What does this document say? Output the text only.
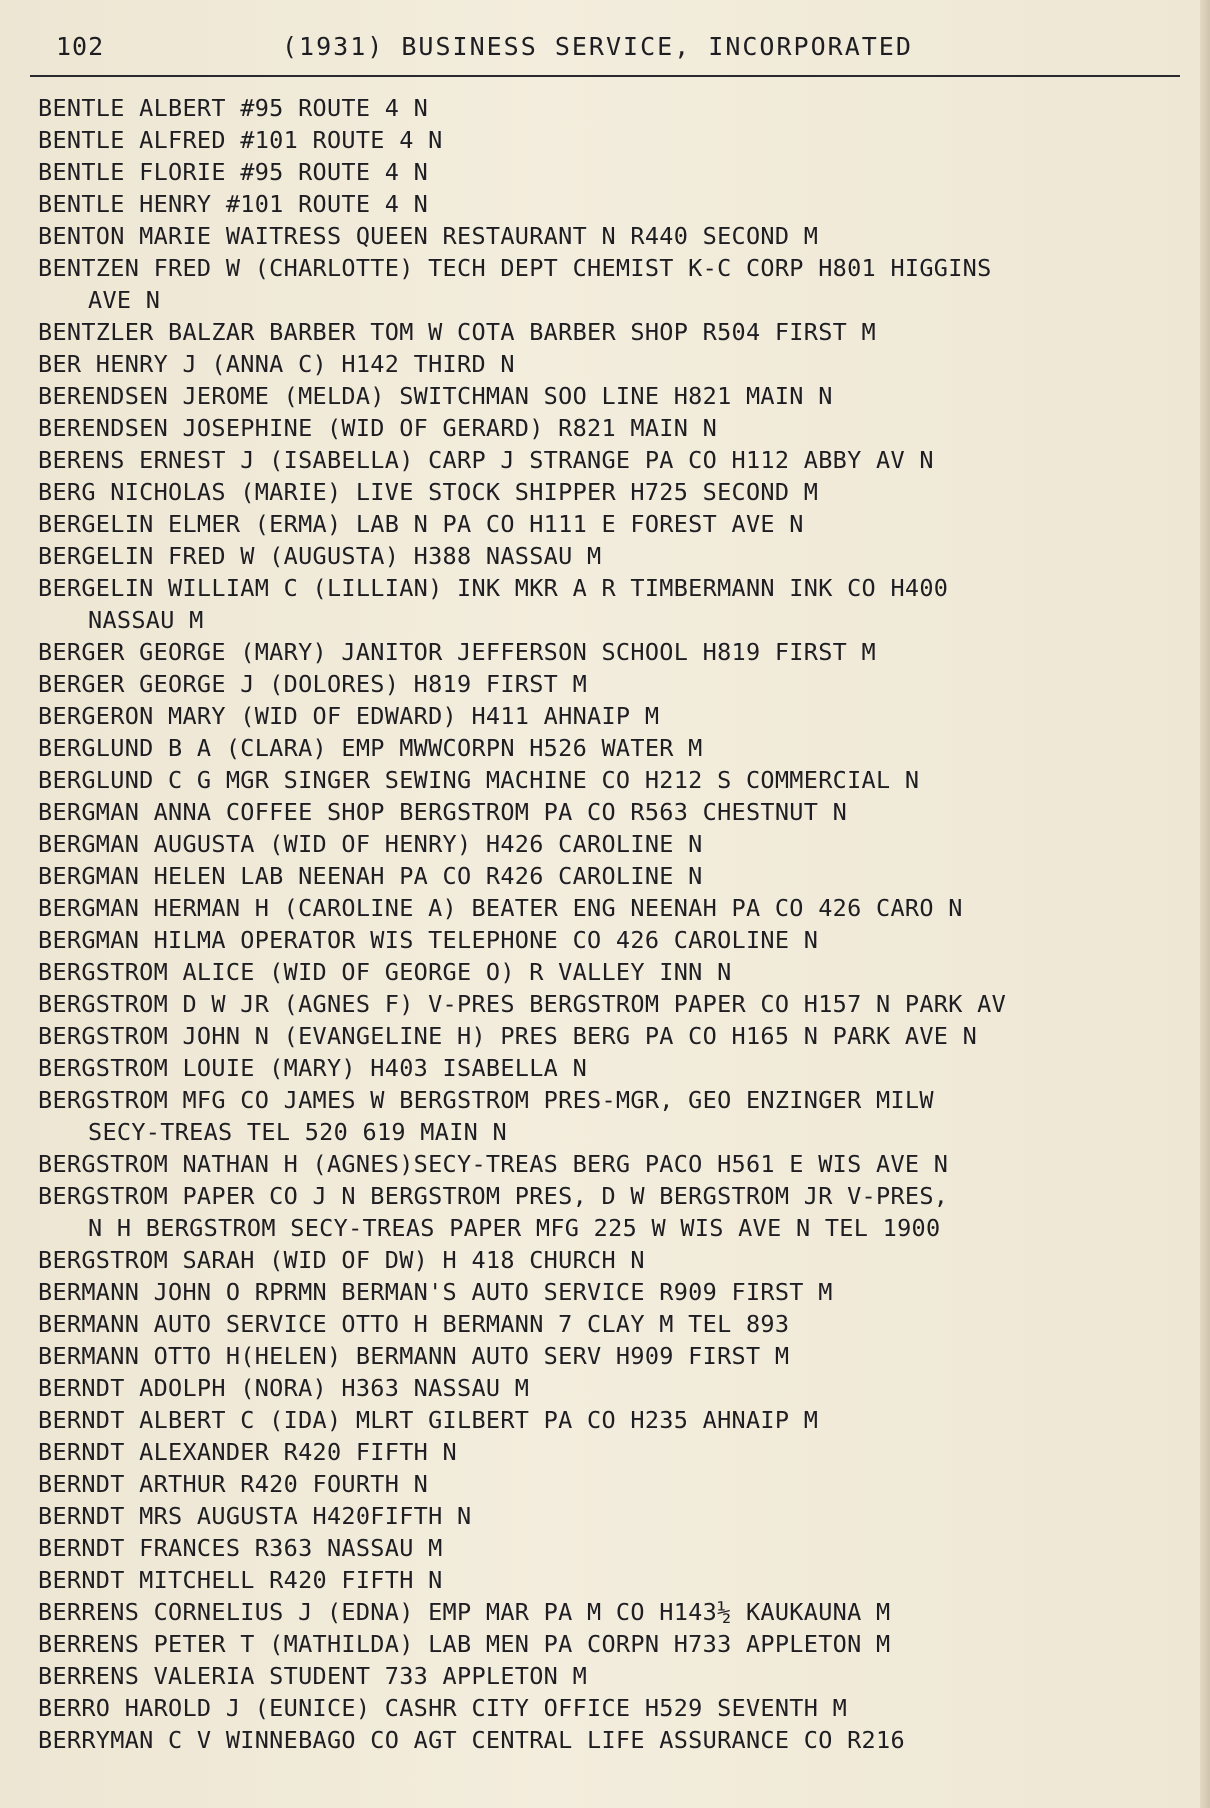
102	(1931) BUSINESS SERVICE, INCORPORATED
BENTLE ALBERT #95 ROUTE 4 N
BENTLE ALFRED #101 ROUTE 4 N
BENTLE FLORIE #95 ROUTE 4 N
BENTLE HENRY #101 ROUTE 4 N
BENTON MARIE WAITRESS QUEEN RESTAURANT N R440 SECOND M
BENTZEN FRED W (CHARLOTTE) TECH DEPT CHEMIST K-C CORP H801 HIGGINS
AVE N
BENTZLER BALZAR BARBER TOM W COTA BARBER SHOP R504 FIRST M
BER HENRY J (ANNA C) H142 THIRD N
BERENDSEN JEROME (MELDA) SWITCHMAN SOO LINE H821 MAIN N
BERENDSEN JOSEPHINE (WID OF GERARD) R821 MAIN N
BERENS ERNEST J (ISABELLA) CARP J STRANGE PA CO H112 ABBY AV N
BERG NICHOLAS (MARIE) LIVE STOCK SHIPPER H725 SECOND M
BERGELIN ELMER (ERMA) LAB N PA CO H111 E FOREST AVE N
BERGELIN FRED W (AUGUSTA) H388 NASSAU M
BERGELIN WILLIAM C (LILLIAN) INK MKR A R TIMBERMANN INK CO H400
NASSAU M
BERGER GEORGE (MARY) JANITOR JEFFERSON SCHOOL H819 FIRST M
BERGER GEORGE J (DOLORES) H819 FIRST M
BERGERON MARY (WID OF EDWARD) H411 AHNAIP M
BERGLUND B A (CLARA) EMP MWWCORPN H526 WATER M
BERGLUND C G MGR SINGER SEWING MACHINE CO H212 S COMMERCIAL N
BERGMAN ANNA COFFEE SHOP BERGSTROM PA CO R563 CHESTNUT N
BERGMAN AUGUSTA (WID OF HENRY) H426 CAROLINE N
BERGMAN HELEN LAB NEENAH PA CO R426 CAROLINE N
BERGMAN HERMAN H (CAROLINE A) BEATER ENG NEENAH PA CO 426 CARO N
BERGMAN HILMA OPERATOR WIS TELEPHONE CO 426 CAROLINE N
BERGSTROM ALICE (WID OF GEORGE O) R VALLEY INN N
BERGSTROM D W JR (AGNES F) V-PRES BERGSTROM PAPER CO H157 N PARK AV
BERGSTROM JOHN N (EVANGELINE H) PRES BERG PA CO H165 N PARK AVE N
BERGSTROM LOUIE (MARY) H403 ISABELLA N
BERGSTROM MFG CO JAMES W BERGSTROM PRES-MGR, GEO ENZINGER MILW
SECY-TREAS TEL 520 619 MAIN N
BERGSTROM NATHAN H (AGNES)SECY-TREAS BERG PACO H561 E WIS AVE N
BERGSTROM PAPER CO J N BERGSTROM PRES, D W BERGSTROM JR V-PRES,
N H BERGSTROM SECY-TREAS PAPER MFG 225 W WIS AVE N TEL 1900
BERGSTROM SARAH (WID OF DW) H 418 CHURCH N
BERMANN JOHN O RPRMN BERMAN'S AUTO SERVICE R909 FIRST M
BERMANN AUTO SERVICE OTTO H BERMANN 7 CLAY M TEL 893
BERMANN OTTO H(HELEN) BERMANN AUTO SERV H909 FIRST M
BERNDT ADOLPH (NORA) H363 NASSAU M
BERNDT ALBERT C (IDA) MLRT GILBERT PA CO H235 AHNAIP M
BERNDT ALEXANDER R420 FIFTH N
BERNDT ARTHUR R420 FOURTH N
BERNDT MRS AUGUSTA H420FIFTH N
BERNDT FRANCES R363 NASSAU M
BERNDT MITCHELL R420 FIFTH N
BERRENS CORNELIUS J (EDNA) EMP MAR PA M CO H143½ KAUKAUNA M
BERRENS PETER T (MATHILDA) LAB MEN PA CORPN H733 APPLETON M
BERRENS VALERIA STUDENT 733 APPLETON M
BERRO HAROLD J (EUNICE) CASHR CITY OFFICE H529 SEVENTH M
BERRYMAN C V WINNEBAGO CO AGT CENTRAL LIFE ASSURANCE CO R216
